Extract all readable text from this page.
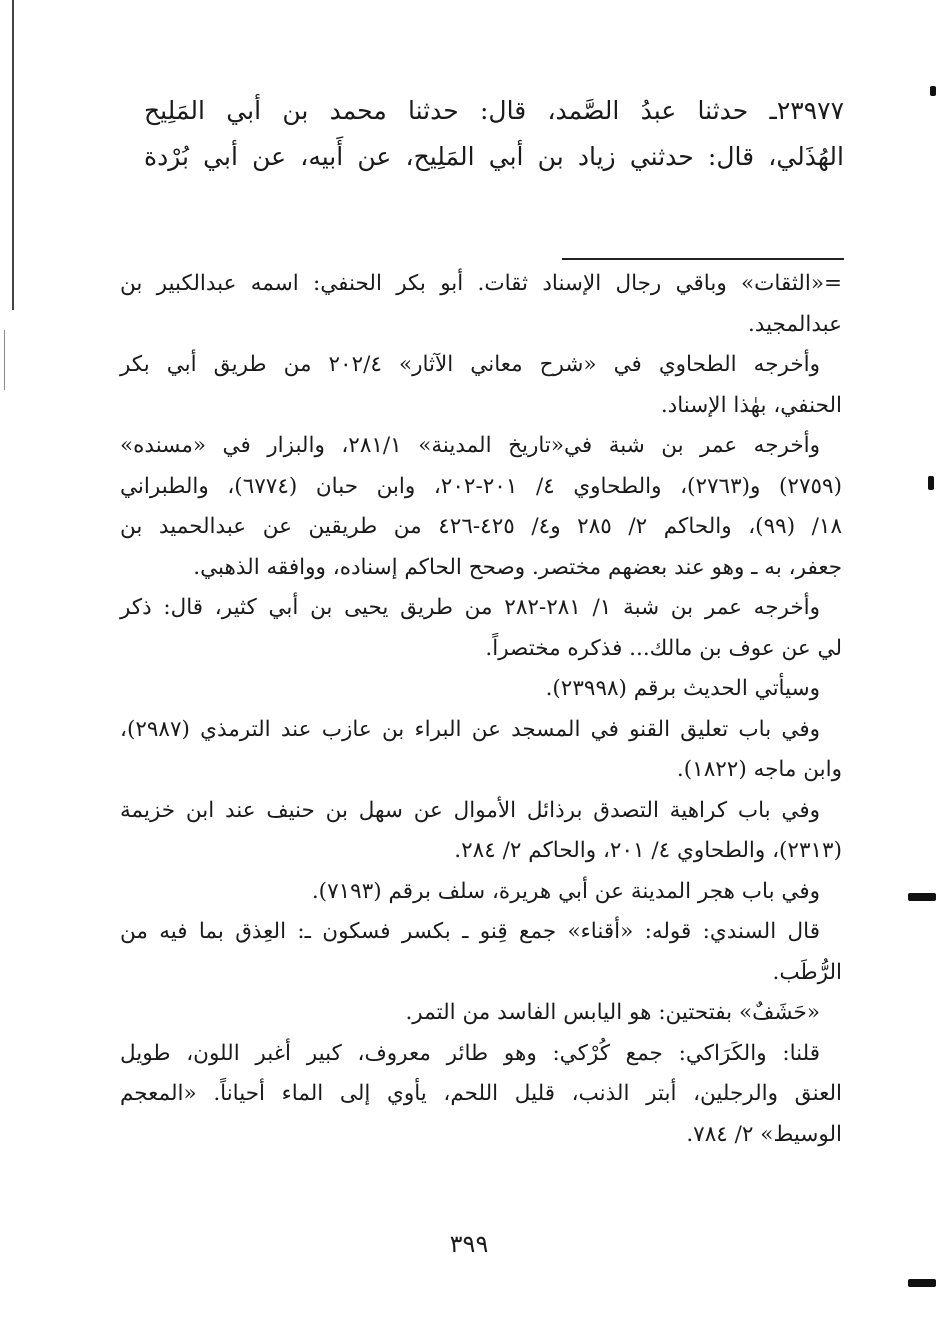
٢٣٩٧٧ـ حدثنا عبدُ الصَّمد، قال: حدثنا محمد بن أبي المَلِيح
الهُذَلي، قال: حدثني زياد بن أبي المَلِيح، عن أَبيه، عن أبي بُرْدة
=«الثقات» وباقي رجال الإسناد ثقات. أبو بكر الحنفي: اسمه عبدالكبير بن
عبدالمجيد.
وأخرجه الطحاوي في «شرح معاني الآثار» ٢٠٢/٤ من طريق أبي بكر
الحنفي، بهٰذا الإسناد.
وأخرجه عمر بن شبة في«تاريخ المدينة» ٢٨١/١، والبزار في «مسنده»
(٢٧٥٩) و(٢٧٦٣)، والطحاوي ٤/ ٢٠١-٢٠٢، وابن حبان (٦٧٧٤)، والطبراني
١٨/ (٩٩)، والحاكم ٢/ ٢٨٥ و٤/ ٤٢٥-٤٢٦ من طريقين عن عبدالحميد بن
جعفر، به ـ وهو عند بعضهم مختصر. وصحح الحاكم إسناده، ووافقه الذهبي.
وأخرجه عمر بن شبة ١/ ٢٨١-٢٨٢ من طريق يحيى بن أبي كثير، قال: ذكر
لي عن عوف بن مالك... فذكره مختصراً.
وسيأتي الحديث برقم (٢٣٩٩٨).
وفي باب تعليق القنو في المسجد عن البراء بن عازب عند الترمذي (٢٩٨٧)،
وابن ماجه (١٨٢٢).
وفي باب كراهية التصدق برذائل الأموال عن سهل بن حنيف عند ابن خزيمة
(٢٣١٣)، والطحاوي ٤/ ٢٠١، والحاكم ٢/ ٢٨٤.
وفي باب هجر المدينة عن أبي هريرة، سلف برقم (٧١٩٣).
قال السندي: قوله: «أقناء» جمع قِنو ـ بكسر فسكون ـ: العِذق بما فيه من
الرُّطَب.
«حَشَفٌ» بفتحتين: هو اليابس الفاسد من التمر.
قلنا: والكَرَاكي: جمع كُرْكي: وهو طائر معروف، كبير أغبر اللون، طويل
العنق والرجلين، أبتر الذنب، قليل اللحم، يأوي إلى الماء أحياناً. «المعجم
الوسيط» ٢/ ٧٨٤.
٣٩٩
